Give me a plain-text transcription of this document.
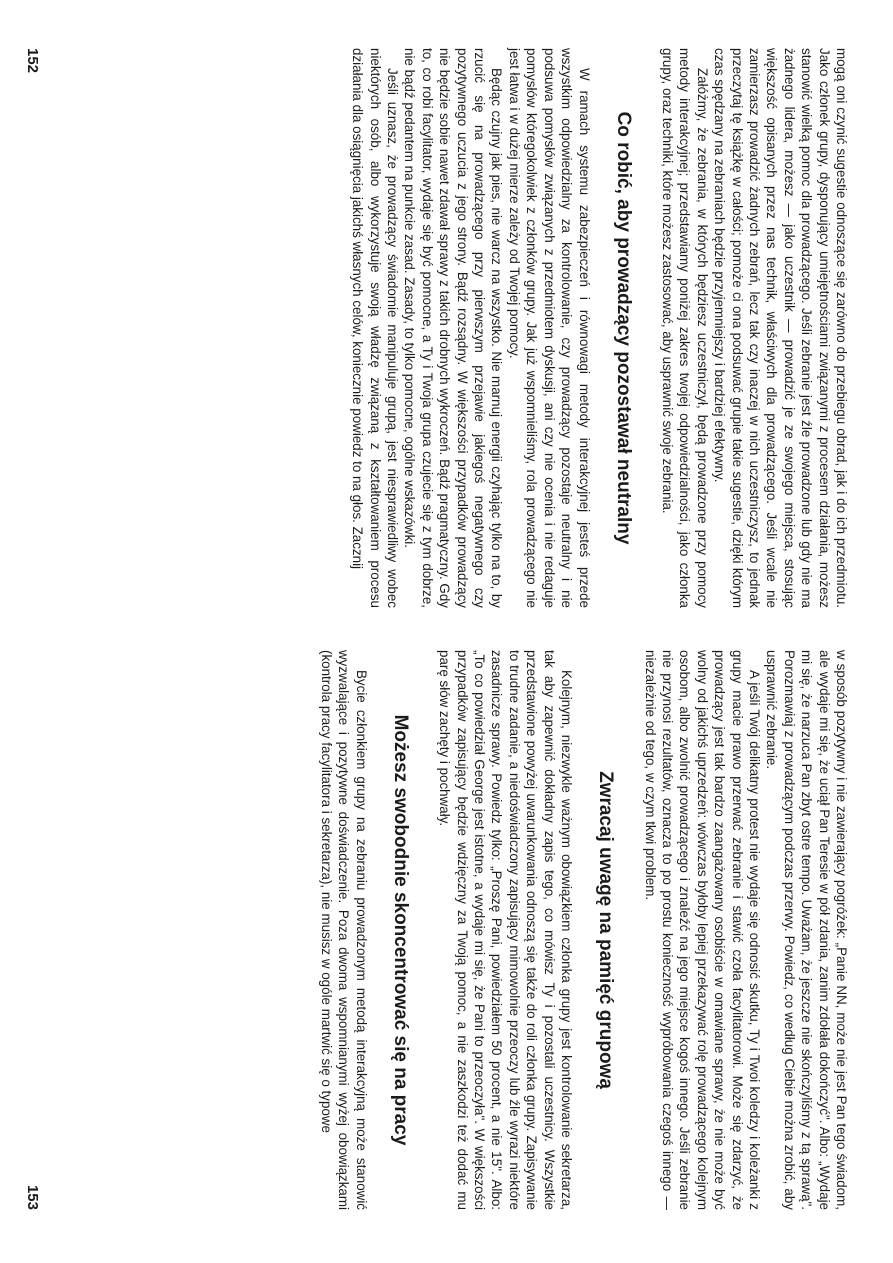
mogą oni czynić sugestie odnoszące się zarówno do przebiegu obrad, jak i do ich przedmiotu. Jako członek grupy, dysponujący umiejętnościami związanymi z procesem działania, możesz stanowić wielką pomoc dla prowadzącego. Jeśli zebranie jest źle prowadzone lub gdy nie ma żadnego lidera, możesz — jako uczestnik — prowadzić je ze swojego miejsca, stosując większość opisanych przez nas technik, właściwych dla prowadzącego. Jeśli wcale nie zamierzasz prowadzić żadnych zebrań, lecz tak czy inaczej w nich uczestniczysz, to jednak przeczytaj tę książkę w całości; pomoże ci ona podsuwać grupie takie sugestie, dzięki którym czas spędzany na zebraniach będzie przyjemniejszy i bardziej efektywny.

Załóżmy, że zebrania, w których będziesz uczestniczył, będą prowadzone przy pomocy metody interakcyjnej; przedstawiamy poniżej zakres twojej odpowiedzialności, jako członka grupy, oraz techniki, które możesz zastosować, aby usprawnić swoje zebrania.

Co robić, aby prowadzący pozostawał neutralny

W ramach systemu zabezpieczeń i równowagi metody interakcyjnej jesteś przede wszystkim odpowiedzialny za kontrolowanie, czy prowadzący pozostaje neutralny i nie podsuwa pomysłów związanych z przedmiotem dyskusji, ani czy nie ocenia i nie redaguje pomysłów któregokolwiek z członków grupy. Jak już wspomnieliśmy, rola prowadzącego nie jest łatwa i w dużej mierze zależy od Twojej pomocy.

Będąc czujny jak pies, nie warcz na wszystko. Nie marnuj energii czyhając tylko na to, by rzucić się na prowadzącego przy pierwszym przejawie jakiegoś negatywnego czy pozytywnego uczucia z jego strony. Bądź rozsądny. W większości przypadków prowadzący nie będzie sobie nawet zdawał sprawy z takich drobnych wykroczeń. Bądź pragmatyczny. Gdy to, co robi facylitator, wydaje się być pomocne, a Ty i Twoja grupa czujecie się z tym dobrze, nie bądź pedantem na punkcie zasad. Zasady, to tylko pomocne, ogólne wskazówki.

Jeśli uznasz, że prowadzący świadomie manipuluje grupą, jest niesprawiedliwy wobec niektórych osób, albo wykorzystuje swoją władzę związaną z kształtowaniem procesu działania dla osiągnięcia jakichś własnych celów, koniecznie powiedz to na głos. Zacznij

152

w sposób pozytywny i nie zawierający pogróżek: „Panie NN, może nie jest Pan tego świadom, ale wydaje mi się, że uciął Pan Teresie w pół zdania, zanim zdołała dokończyć". Albo: „Wydaje mi się, że narzuca Pan zbyt ostre tempo. Uważam, że jeszcze nie skończyliśmy z tą sprawą". Porozmawiaj z prowadzącym podczas przerwy. Powiedz, co według Ciebie można zrobić, aby usprawnić zebranie.

A jeśli Twój delikatny protest nie wydaje się odnosić skutku, Ty i Twoi koledzy i koleżanki z grupy macie prawo przerwać zebranie i stawić czoła facylitatorowi. Może się zdarzyć, że prowadzący jest tak bardzo zaangażowany osobiście w omawiane sprawy, że nie może być wolny od jakichś uprzedzeń: wówczas byłoby lepiej przekazywać rolę prowadzącego kolejnym osobom, albo zwolnić prowadzącego i znaleźć na jego miejsce kogoś innego. Jeśli zebranie nie przynosi rezultatów, oznacza to po prostu konieczność wypróbowania czegoś innego — niezależnie od tego, w czym tkwi problem.

Zwracaj uwagę na pamięć grupową

Kolejnym, niezwykle ważnym obowiązkiem członka grupy jest kontrolowanie sekretarza, tak aby zapewnić dokładny zapis tego, co mówisz Ty i pozostali uczestnicy. Wszystkie przedstawione powyżej uwarunkowania odnoszą się także do roli członka grupy. Zapisywanie to trudne zadanie, a niedoświadczony zapisujący mimowolnie przeoczy lub źle wyrazi niektóre zasadnicze sprawy. Powiedz tylko: „Proszę Pani, powiedziałem 50 procent, a nie 15". Albo: „To co powiedział George jest istotne, a wydaje mi się, że Pani to przeoczyła". W większości przypadków zapisujący będzie wdzięczny za Twoją pomoc, a nie zaszkodzi też dodać mu parę słów zachęty i pochwały.

Możesz swobodnie skoncentrować się na pracy

Bycie członkiem grupy na zebraniu prowadzonym metodą interakcyjną może stanowić wyzwalające i pozytywne doświadczenie. Poza dwoma wspomnianymi wyżej obowiązkami (kontrola pracy facylitatora i sekretarza), nie musisz w ogóle martwić się o typowe

153
